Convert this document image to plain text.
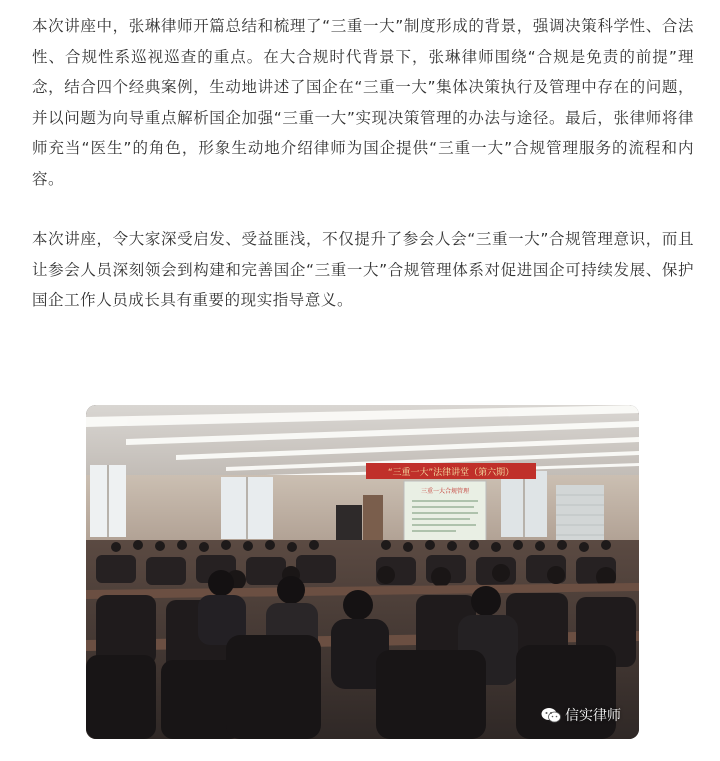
本次讲座中，张琳律师开篇总结和梳理了“三重一大”制度形成的背景，强调决策科学性、合法性、合规性系巡视巡查的重点。在大合规时代背景下，张琳律师围绕“合规是免责的前提”理念，结合四个经典案例，生动地讲述了国企在“三重一大”集体决策执行及管理中存在的问题，并以问题为向导重点解析国企加强“三重一大”实现决策管理的办法与途径。最后，张律师将律师充当“医生”的角色，形象生动地介绍律师为国企提供“三重一大”合规管理服务的流程和内容。

本次讲座，令大家深受启发、受益匪浅，不仅提升了参会人会“三重一大”合规管理意识，而且让参会人员深刻领会到构建和完善国企“三重一大”合规管理体系对促进国企可持续发展、保护国企工作人员成长具有重要的现实指导意义。

“三重一大”法律讲堂（第六期）
三重一大合规管理
信实律师
